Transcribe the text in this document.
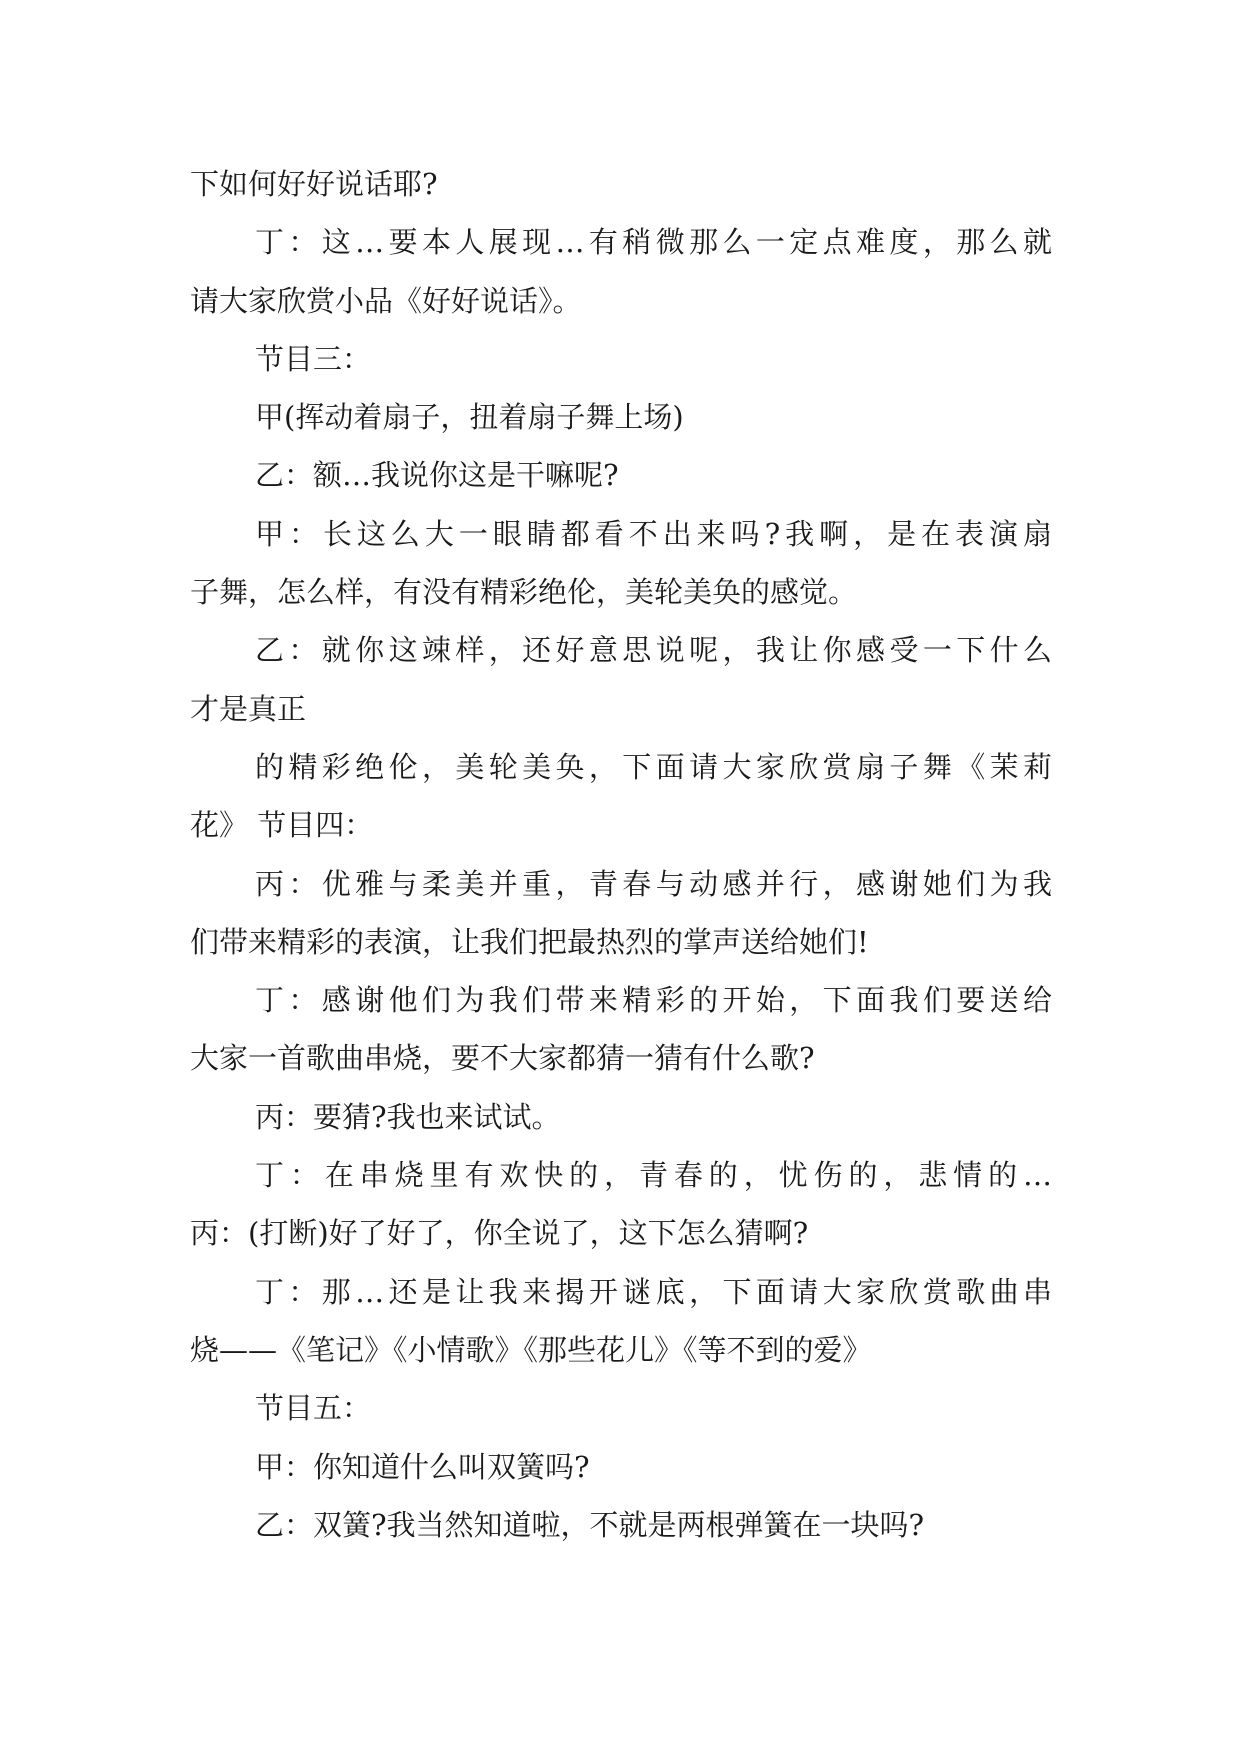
下如何好好说话耶?
丁：这…要本人展现…有稍微那么一定点难度，那么就
请大家欣赏小品《好好说话》。
节目三：
甲(挥动着扇子，扭着扇子舞上场)
乙：额…我说你这是干嘛呢?
甲：长这么大一眼睛都看不出来吗?我啊，是在表演扇
子舞，怎么样，有没有精彩绝伦，美轮美奂的感觉。
乙：就你这竦样，还好意思说呢，我让你感受一下什么
才是真正
的精彩绝伦，美轮美奂，下面请大家欣赏扇子舞《茉莉
花》 节目四：
丙：优雅与柔美并重，青春与动感并行，感谢她们为我
们带来精彩的表演，让我们把最热烈的掌声送给她们!
丁：感谢他们为我们带来精彩的开始，下面我们要送给
大家一首歌曲串烧，要不大家都猜一猜有什么歌?
丙：要猜?我也来试试。
丁：在串烧里有欢快的，青春的，忧伤的，悲情的…
丙：(打断)好了好了，你全说了，这下怎么猜啊?
丁：那…还是让我来揭开谜底，下面请大家欣赏歌曲串
烧——《笔记》《小情歌》《那些花儿》《等不到的爱》
节目五：
甲：你知道什么叫双簧吗?
乙：双簧?我当然知道啦，不就是两根弹簧在一块吗?
